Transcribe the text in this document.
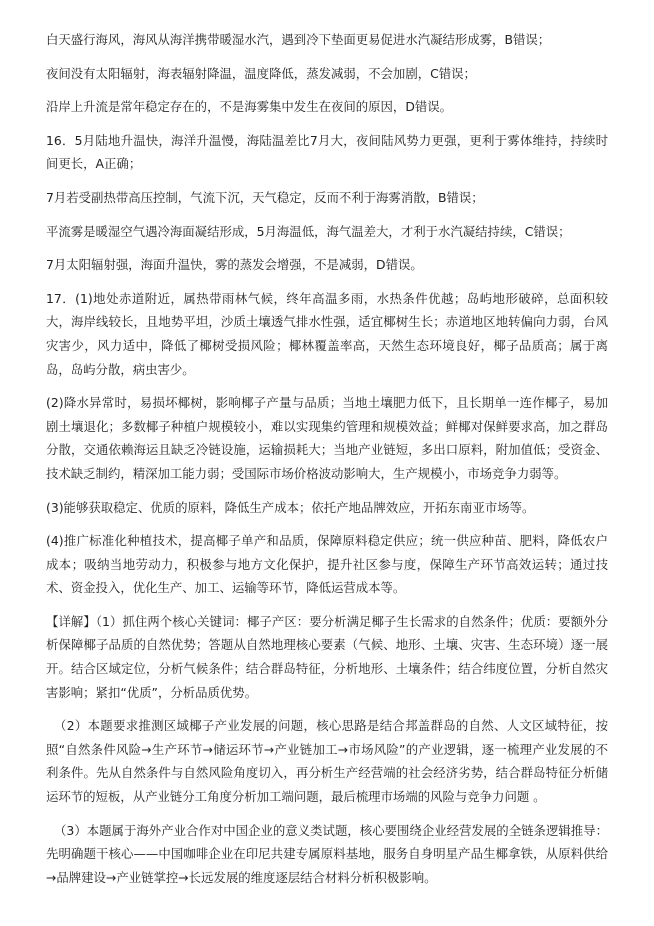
白天盛行海风，海风从海洋携带暖湿水汽，遇到冷下垫面更易促进水汽凝结形成雾，B错误；

夜间没有太阳辐射，海表辐射降温，温度降低，蒸发减弱，不会加剧，C错误；

沿岸上升流是常年稳定存在的，不是海雾集中发生在夜间的原因，D错误。

16．5月陆地升温快，海洋升温慢，海陆温差比7月大，夜间陆风势力更强，更利于雾体维持，持续时间更长，A正确；

7月若受副热带高压控制，气流下沉，天气稳定，反而不利于海雾消散，B错误；

平流雾是暖湿空气遇冷海面凝结形成，5月海温低，海气温差大，才利于水汽凝结持续，C错误；

7月太阳辐射强，海面升温快，雾的蒸发会增强，不是减弱，D错误。

17．(1)地处赤道附近，属热带雨林气候，终年高温多雨，水热条件优越；岛屿地形破碎，总面积较大，海岸线较长，且地势平坦，沙质土壤透气排水性强，适宜椰树生长；赤道地区地转偏向力弱，台风灾害少，风力适中，降低了椰树受损风险；椰林覆盖率高，天然生态环境良好，椰子品质高；属于离岛，岛屿分散，病虫害少。

(2)降水异常时，易损坏椰树，影响椰子产量与品质；当地土壤肥力低下，且长期单一连作椰子，易加剧土壤退化；多数椰子种植户规模较小，难以实现集约管理和规模效益；鲜椰对保鲜要求高，加之群岛分散，交通依赖海运且缺乏冷链设施，运输损耗大；当地产业链短，多出口原料，附加值低；受资金、技术缺乏制约，精深加工能力弱；受国际市场价格波动影响大，生产规模小，市场竞争力弱等。

(3)能够获取稳定、优质的原料，降低生产成本；依托产地品牌效应，开拓东南亚市场等。

(4)推广标准化种植技术，提高椰子单产和品质，保障原料稳定供应；统一供应种苗、肥料，降低农户成本；吸纳当地劳动力，积极参与地方文化保护，提升社区参与度，保障生产环节高效运转；通过技术、资金投入，优化生产、加工、运输等环节，降低运营成本等。

【详解】（1）抓住两个核心关键词：椰子产区：要分析满足椰子生长需求的自然条件；优质：要额外分析保障椰子品质的自然优势；答题从自然地理核心要素（气候、地形、土壤、灾害、生态环境）逐一展开。结合区域定位，分析气候条件；结合群岛特征，分析地形、土壤条件；结合纬度位置，分析自然灾害影响；紧扣“优质”，分析品质优势。

（2）本题要求推测区域椰子产业发展的问题，核心思路是结合邦盖群岛的自然、人文区域特征，按照“自然条件风险→生产环节→储运环节→产业链加工→市场风险”的产业逻辑，逐一梳理产业发展的不利条件。先从自然条件与自然风险角度切入，再分析生产经营端的社会经济劣势，结合群岛特征分析储运环节的短板，从产业链分工角度分析加工端问题，最后梳理市场端的风险与竞争力问题 。

（3）本题属于海外产业合作对中国企业的意义类试题，核心要围绕企业经营发展的全链条逻辑推导：先明确题干核心——中国咖啡企业在印尼共建专属原料基地，服务自身明星产品生椰拿铁，从原料供给→品牌建设→产业链掌控→长远发展的维度逐层结合材料分析积极影响。
